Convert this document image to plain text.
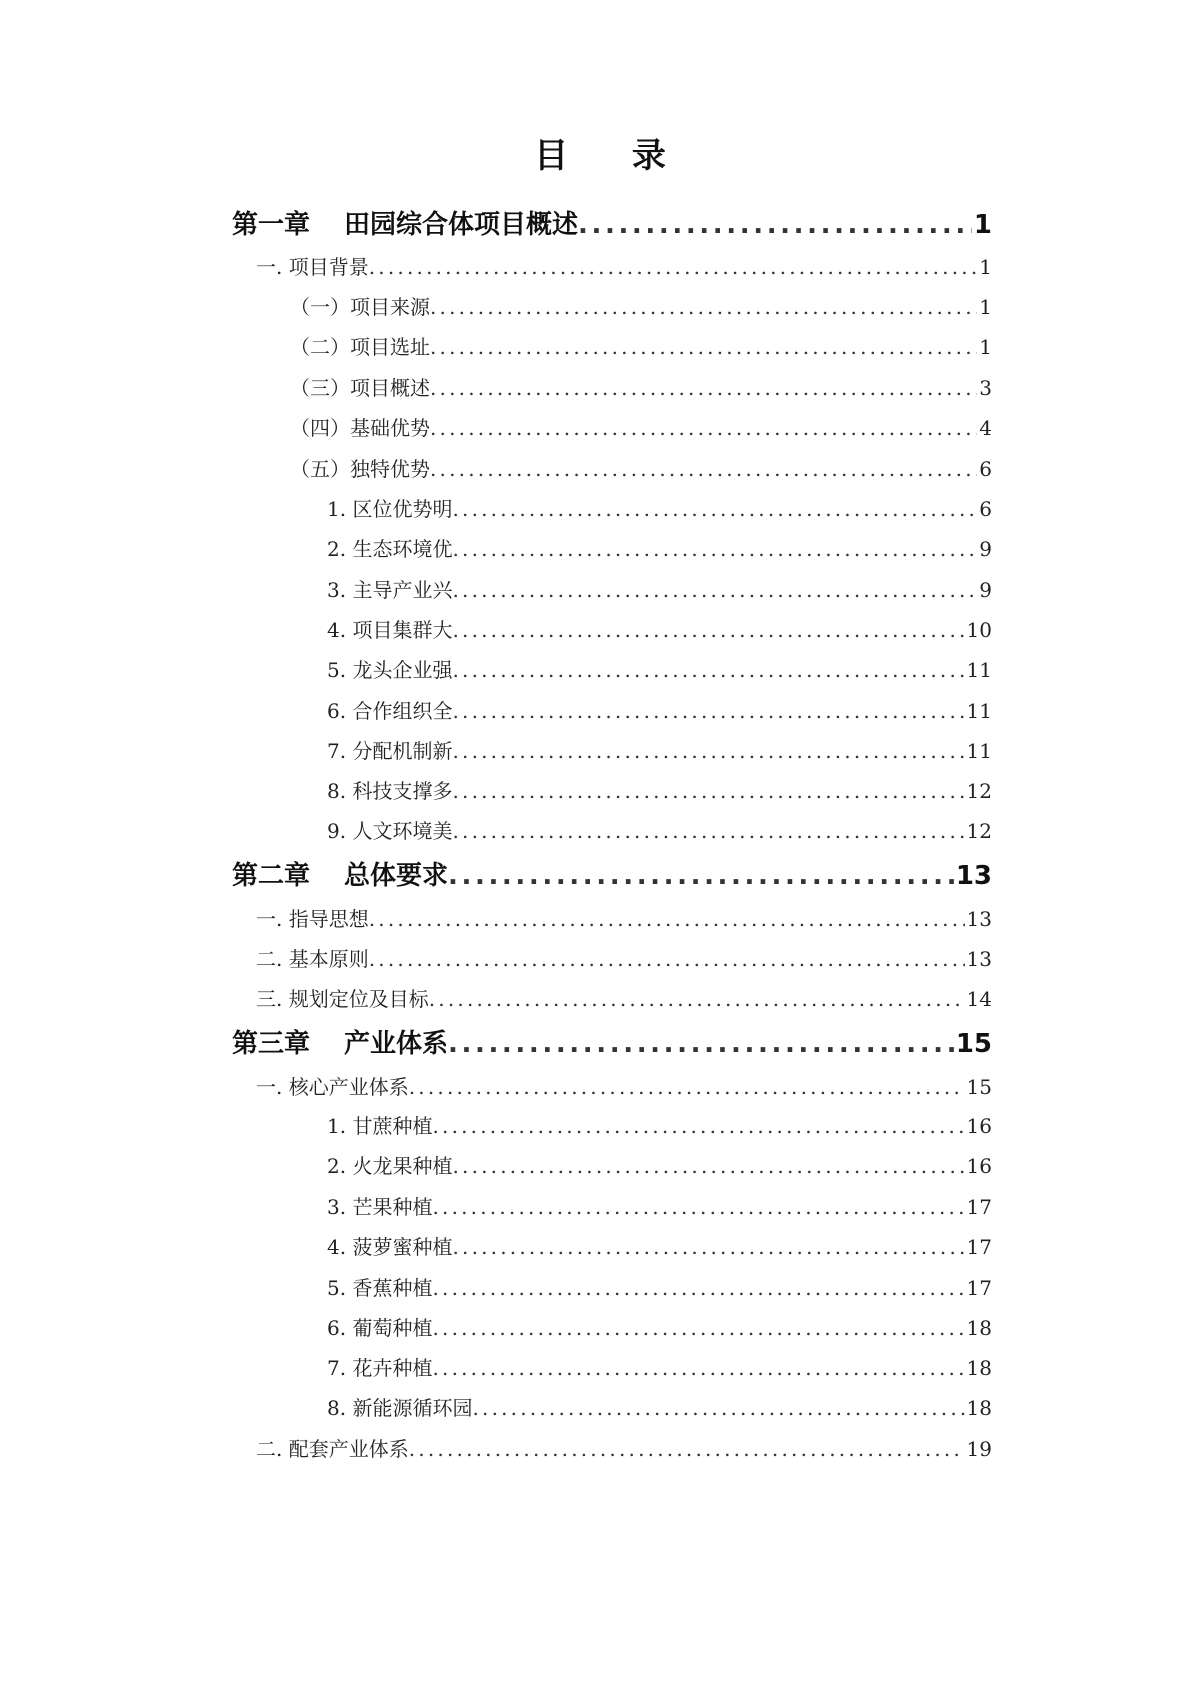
目 录
第一章 田园综合体项目概述 .....	1
一. 项目背景 .....	1
（一）项目来源 .....	1
（二）项目选址 .....	1
（三）项目概述 .....	3
（四）基础优势 .....	4
（五）独特优势 .....	6
1. 区位优势明 .....	6
2. 生态环境优 .....	9
3. 主导产业兴 .....	9
4. 项目集群大 .....	10
5. 龙头企业强 .....	11
6. 合作组织全 .....	11
7. 分配机制新 .....	11
8. 科技支撑多 .....	12
9. 人文环境美 .....	12
第二章 总体要求 .....	13
一. 指导思想 .....	13
二. 基本原则 .....	13
三. 规划定位及目标 .....	14
第三章 产业体系 .....	15
一. 核心产业体系 .....	15
1. 甘蔗种植 .....	16
2. 火龙果种植 .....	16
3. 芒果种植 .....	17
4. 菠萝蜜种植 .....	17
5. 香蕉种植 .....	17
6. 葡萄种植 .....	18
7. 花卉种植 .....	18
8. 新能源循环园 .....	18
二. 配套产业体系 .....	19
